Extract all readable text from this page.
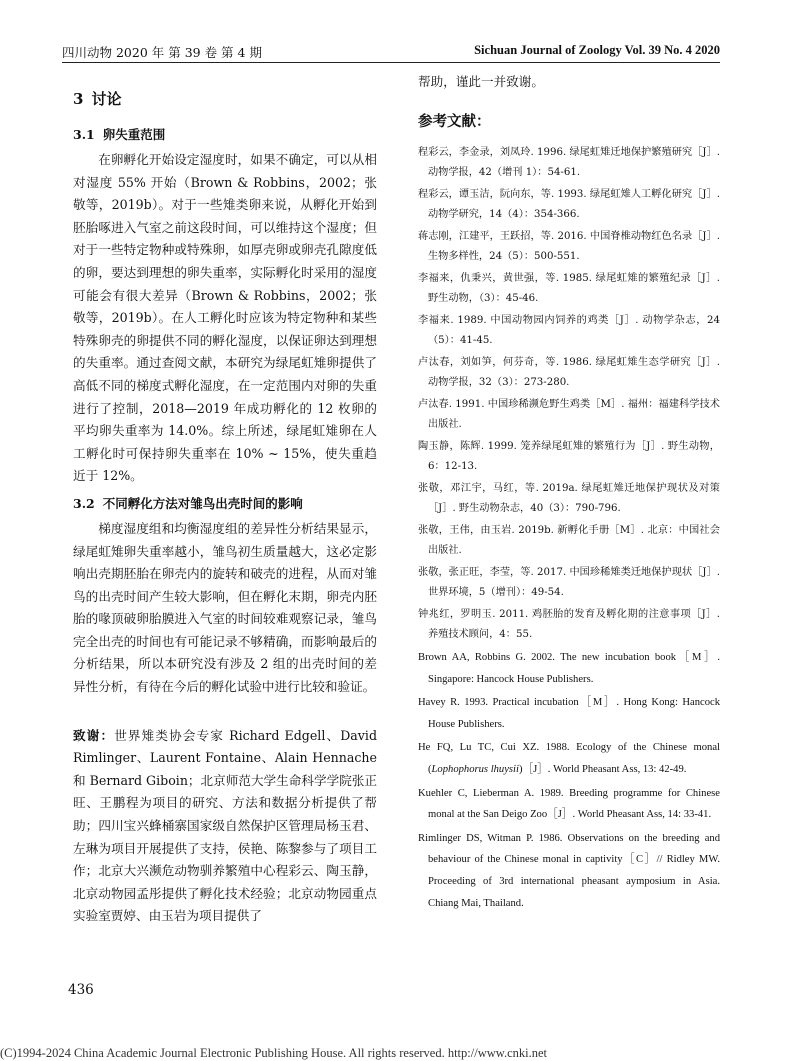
四川动物 2020 年 第 39 卷 第 4 期	Sichuan Journal of Zoology Vol. 39 No. 4 2020
3 讨论
3.1 卵失重范围

在卵孵化开始设定湿度时，如果不确定，可以从相对湿度 55% 开始（Brown & Robbins，2002；张敬等，2019b）。对于一些雉类卵来说，从孵化开始到胚胎啄进入气室之前这段时间，可以维持这个湿度；但对于一些特定物种或特殊卵，如厚壳卵或卵壳孔隙度低的卵，要达到理想的卵失重率，实际孵化时采用的湿度可能会有很大差异（Brown & Robbins，2002；张敬等，2019b）。在人工孵化时应该为特定物种和某些特殊卵壳的卵提供不同的孵化湿度，以保证卵达到理想的失重率。通过查阅文献，本研究为绿尾虹雉卵提供了高低不同的梯度式孵化湿度，在一定范围内对卵的失重进行了控制，2018—2019 年成功孵化的 12 枚卵的平均卵失重率为 14.0%。综上所述，绿尾虹雉卵在人工孵化时可保持卵失重率在 10% ~ 15%，使失重趋近于 12%。

3.2 不同孵化方法对雏鸟出壳时间的影响

梯度湿度组和均衡湿度组的差异性分析结果显示，绿尾虹雉卵失重率越小，雏鸟初生质量越大，这必定影响出壳期胚胎在卵壳内的旋转和破壳的进程，从而对雏鸟的出壳时间产生较大影响，但在孵化末期，卵壳内胚胎的喙顶破卵胎膜进入气室的时间较难观察记录，雏鸟完全出壳的时间也有可能记录不够精确，而影响最后的分析结果，所以本研究没有涉及 2 组的出壳时间的差异性分析，有待在今后的孵化试验中进行比较和验证。

致谢：世界雉类协会专家 Richard Edgell、David Rimlinger、Laurent Fontaine、Alain Hennache 和 Bernard Giboin；北京师范大学生命科学学院张正旺、王鹏程为项目的研究、方法和数据分析提供了帮助；四川宝兴蜂桶寨国家级自然保护区管理局杨玉君、左琳为项目开展提供了支持，侯艳、陈黎参与了项目工作；北京大兴濒危动物驯养繁殖中心程彩云、陶玉静，北京动物园孟彤提供了孵化技术经验；北京动物园重点实验室贾婷、由玉岩为项目提供了

436

帮助，谨此一并致谢。

参考文献：

程彩云，李金录，刘凤玲. 1996. 绿尾虹雉迁地保护繁殖研究［J］. 动物学报，42（增刊 1）：54-61.

程彩云，谭玉洁，阮向东，等. 1993. 绿尾虹雉人工孵化研究［J］. 动物学研究，14（4）：354-366.

蒋志刚，江建平，王跃招，等. 2016. 中国脊椎动物红色名录［J］. 生物多样性，24（5）：500-551.

李福来，仇秉兴，黄世强，等. 1985. 绿尾虹雉的繁殖纪录［J］. 野生动物，（3）：45-46.

李福来. 1989. 中国动物园内饲养的鸡类［J］. 动物学杂志，24（5）：41-45.

卢汰春，刘如笋，何芬奇，等. 1986. 绿尾虹雉生态学研究［J］. 动物学报，32（3）：273-280.

卢汰春. 1991. 中国珍稀濒危野生鸡类［M］. 福州：福建科学技术出版社.

陶玉静，陈辉. 1999. 笼养绿尾虹雉的繁殖行为［J］. 野生动物，6：12-13.

张敬，邓江宇，马红，等. 2019a. 绿尾虹雉迁地保护现状及对策［J］. 野生动物杂志，40（3）：790-796.

张敬，王伟，由玉岩. 2019b. 新孵化手册［M］. 北京：中国社会出版社.

张敬，张正旺，李莹，等. 2017. 中国珍稀雉类迁地保护现状［J］. 世界环境，5（增刊）：49-54.

钟兆红，罗明玉. 2011. 鸡胚胎的发育及孵化期的注意事项［J］. 养殖技术顾问，4：55.

Brown AA, Robbins G. 2002. The new incubation book［M］. Singapore: Hancock House Publishers.

Havey R. 1993. Practical incubation［M］. Hong Kong: Hancock House Publishers.

He FQ, Lu TC, Cui XZ. 1988. Ecology of the Chinese monal (Lophophorus lhuysii)［J］. World Pheasant Ass, 13: 42-49.

Kuehler C, Lieberman A. 1989. Breeding programme for Chinese monal at the San Deigo Zoo［J］. World Pheasant Ass, 14: 33-41.

Rimlinger DS, Witman P. 1986. Observations on the breeding and behaviour of the Chinese monal in captivity［C］// Ridley MW. Proceeding of 3rd international pheasant aymposium in Asia. Chiang Mai, Thailand.

(C)1994-2024 China Academic Journal Electronic Publishing House. All rights reserved. http://www.cnki.net
